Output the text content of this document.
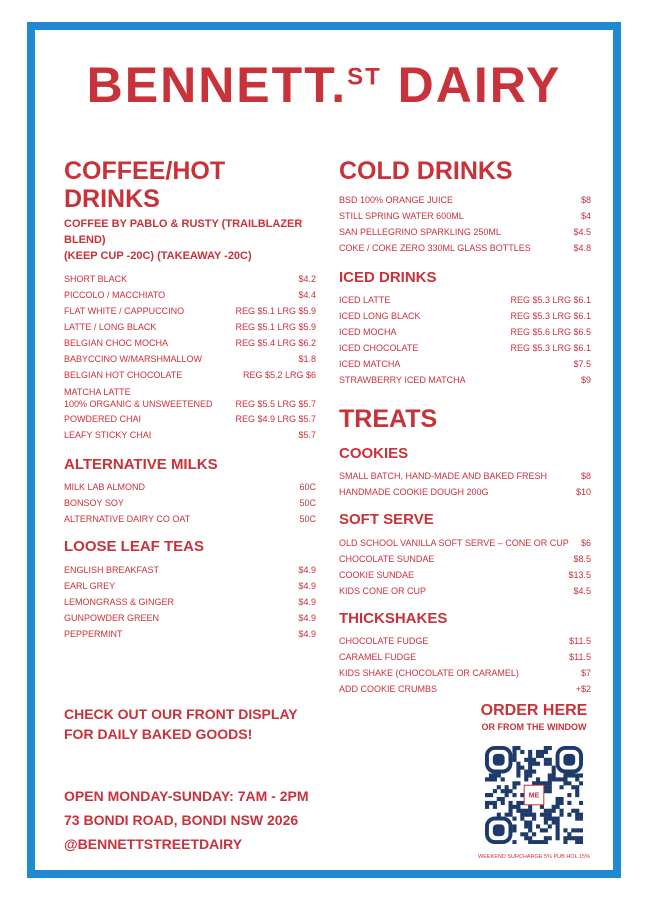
BENNETT.$^{ST}$ DAIRY
COFFEE/HOT DRINKS
COFFEE BY PABLO & RUSTY (TRAILBLAZER BLEND)
(KEEP CUP -20C) (TAKEAWAY -20C)
SHORT BLACK	$4.2
PICCOLO / MACCHIATO	$4.4
FLAT WHITE / CAPPUCCINO	REG $5.1 LRG $5.9
LATTE / LONG BLACK	REG $5.1 LRG $5.9
BELGIAN CHOC MOCHA	REG $5.4 LRG $6.2
BABYCCINO W/MARSHMALLOW	$1.8
BELGIAN HOT CHOCOLATE	REG $5.2 LRG $6
MATCHA LATTE
100% ORGANIC & UNSWEETENED	REG $5.5 LRG $5.7
POWDERED CHAI	REG $4.9 LRG $5.7
LEAFY STICKY CHAI	$5.7
ALTERNATIVE MILKS
MILK LAB ALMOND	60C
BONSOY SOY	50C
ALTERNATIVE DAIRY CO OAT	50C
LOOSE LEAF TEAS
ENGLISH BREAKFAST	$4.9
EARL GREY	$4.9
LEMONGRASS & GINGER	$4.9
GUNPOWDER GREEN	$4.9
PEPPERMINT	$4.9
COLD DRINKS
BSD 100% ORANGE JUICE	$8
STILL SPRING WATER 600ML	$4
SAN PELLEGRINO SPARKLING 250ML	$4.5
COKE / COKE ZERO 330ML GLASS BOTTLES	$4.8
ICED DRINKS
ICED LATTE	REG $5.3 LRG $6.1
ICED LONG BLACK	REG $5.3 LRG $6.1
ICED MOCHA	REG $5.6 LRG $6.5
ICED CHOCOLATE	REG $5.3 LRG $6.1
ICED MATCHA	$7.5
STRAWBERRY ICED MATCHA	$9
TREATS
COOKIES
SMALL BATCH, HAND-MADE AND BAKED FRESH	$8
HANDMADE COOKIE DOUGH 200G	$10
SOFT SERVE
OLD SCHOOL VANILLA SOFT SERVE – CONE OR CUP	$6
CHOCOLATE SUNDAE	$8.5
COOKIE SUNDAE	$13.5
KIDS CONE OR CUP	$4.5
THICKSHAKES
CHOCOLATE FUDGE	$11.5
CARAMEL FUDGE	$11.5
KIDS SHAKE (CHOCOLATE OR CARAMEL)	$7
ADD COOKIE CRUMBS	+$2
CHECK OUT OUR FRONT DISPLAY
FOR DAILY BAKED GOODS!
OPEN MONDAY-SUNDAY: 7AM - 2PM
73 BONDI ROAD, BONDI NSW 2026
@BENNETTSTREETDAIRY
ORDER HERE
OR FROM THE WINDOW
ME
WEEKEND SURCHARGE 5% PUB HOL 15%
